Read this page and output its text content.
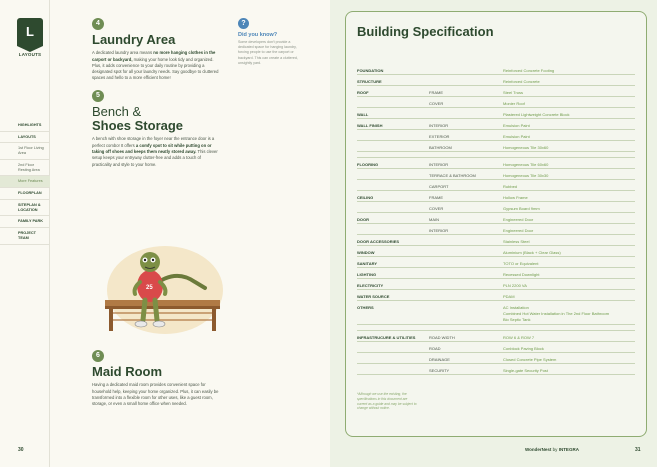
L
LAYOUTS
HIGHLIGHTS
LAYOUTS
1st Floor Living Area
2nd Floor Resting Area
More Features
FLOORPLAN
SITEPLAN & LOCATION
FAMILY PARK
PROJECT TEAM
30
4
Laundry Area

A dedicated laundry area means no more hanging clothes in the carport or backyard, making your home look tidy and organized. Plus, it adds convenience to your daily routine by providing a designated spot for all your laundry needs. Say goodbye to cluttered spaces and hello to a more efficient home!

5
Bench &
Shoes Storage

A bench with shoe storage in the foyer near the entrance door is a perfect combo! It offers a comfy spot to sit while putting on or taking off shoes and keeps them neatly stored away. This clever setup keeps your entryway clutter-free and adds a touch of practicality and style to your home.

25
6
Maid Room

Having a dedicated maid room provides convenient space for household help, keeping your home organized. Plus, it can easily be transformed into a flexible room for other uses, like a guest room, storage, or even a small home office when needed.

?
Did you know?

Some developers don't provide a dedicated space for hanging laundry, forcing people to use the carport or backyard. This can create a cluttered, unsightly yard.

Building Specification
FOUNDATION	Reinforced Concrete Footing
STRUCTURE	Reinforced Concrete
ROOF	FRAME	Steel Truss
COVER	Monier Roof
WALL	Plastered Lightweight Concrete Block
WALL FINISH	INTERIOR	Emulsion Paint
EXTERIOR	Emulsion Paint
BATHROOM	Homogeneous Tile 30x60
FLOORING	INTERIOR	Homogeneous Tile 60x60
TERRACE & BATHROOM	Homogeneous Tile 30x30
CARPORT	Rubbed
CEILING	FRAME	Hollow Frame
COVER	Gypsum Board 9mm
DOOR	MAIN	Engineered Door
INTERIOR	Engineered Door
DOOR ACCESSORIES	Stainless Steel
WINDOW	Aluminium (Black + Clear Glass)
SANITARY	TOTO or Equivalent
LIGHTING	Recessed Downlight
ELECTRICITY	PLN 2200 VA
WATER SOURCE	PDAM
OTHERS	AC Installation
Combined Hot Water Installation in The 2nd Floor Bathroom
Bio Septic Tank
INFRASTRUCURE & UTILITIES	ROAD WIDTH	ROW 6 & ROW 7
ROAD	Conblock Paving Block
DRAINAGE	Closed Concrete Pipe System
SECURITY	Single-gate Security Post

*Although we use the existing, the specifications in this document are current as a guide and may be subject to change without notice.

WonderNest by INTEGRA	31
